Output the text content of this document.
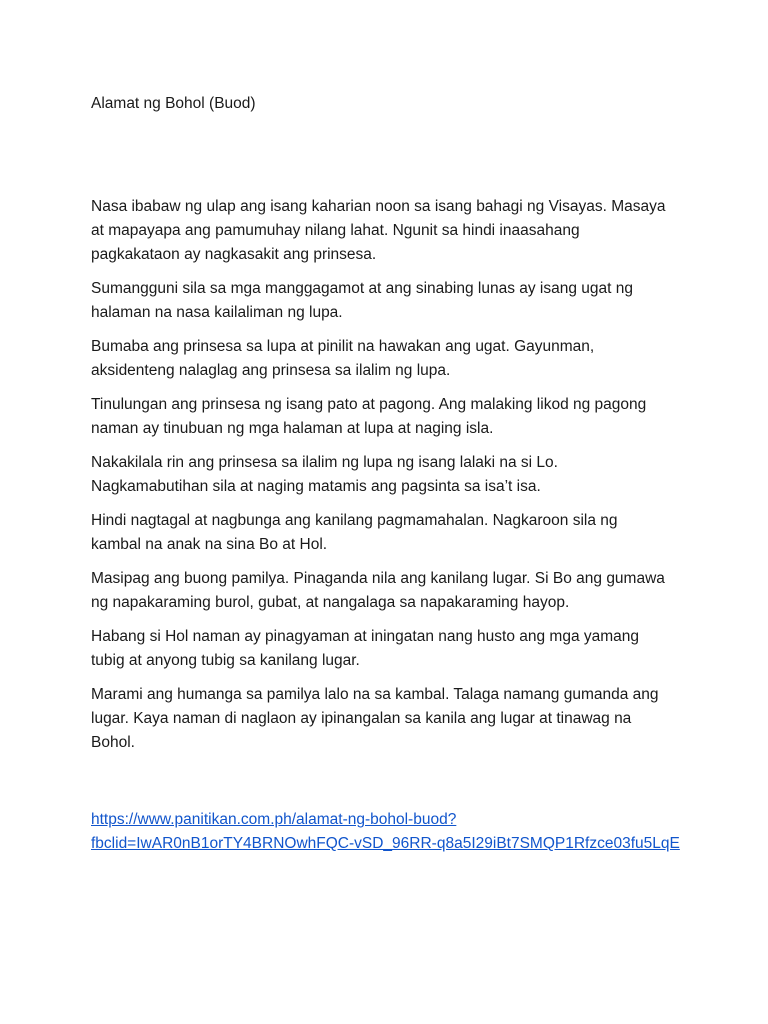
Alamat ng Bohol (Buod)

Nasa ibabaw ng ulap ang isang kaharian noon sa isang bahagi ng Visayas. Masaya
at mapayapa ang pamumuhay nilang lahat. Ngunit sa hindi inaasahang
pagkakataon ay nagkasakit ang prinsesa.

Sumangguni sila sa mga manggagamot at ang sinabing lunas ay isang ugat ng
halaman na nasa kailaliman ng lupa.

Bumaba ang prinsesa sa lupa at pinilit na hawakan ang ugat. Gayunman,
aksidenteng nalaglag ang prinsesa sa ilalim ng lupa.

Tinulungan ang prinsesa ng isang pato at pagong. Ang malaking likod ng pagong
naman ay tinubuan ng mga halaman at lupa at naging isla.

Nakakilala rin ang prinsesa sa ilalim ng lupa ng isang lalaki na si Lo.
Nagkamabutihan sila at naging matamis ang pagsinta sa isa’t isa.

Hindi nagtagal at nagbunga ang kanilang pagmamahalan. Nagkaroon sila ng
kambal na anak na sina Bo at Hol.

Masipag ang buong pamilya. Pinaganda nila ang kanilang lugar. Si Bo ang gumawa
ng napakaraming burol, gubat, at nangalaga sa napakaraming hayop.

Habang si Hol naman ay pinagyaman at iningatan nang husto ang mga yamang
tubig at anyong tubig sa kanilang lugar.

Marami ang humanga sa pamilya lalo na sa kambal. Talaga namang gumanda ang
lugar. Kaya naman di naglaon ay ipinangalan sa kanila ang lugar at tinawag na
Bohol.

https://www.panitikan.com.ph/alamat-ng-bohol-buod?
fbclid=IwAR0nB1orTY4BRNOwhFQC-vSD_96RR-q8a5I29iBt7SMQP1Rfzce03fu5LqE
